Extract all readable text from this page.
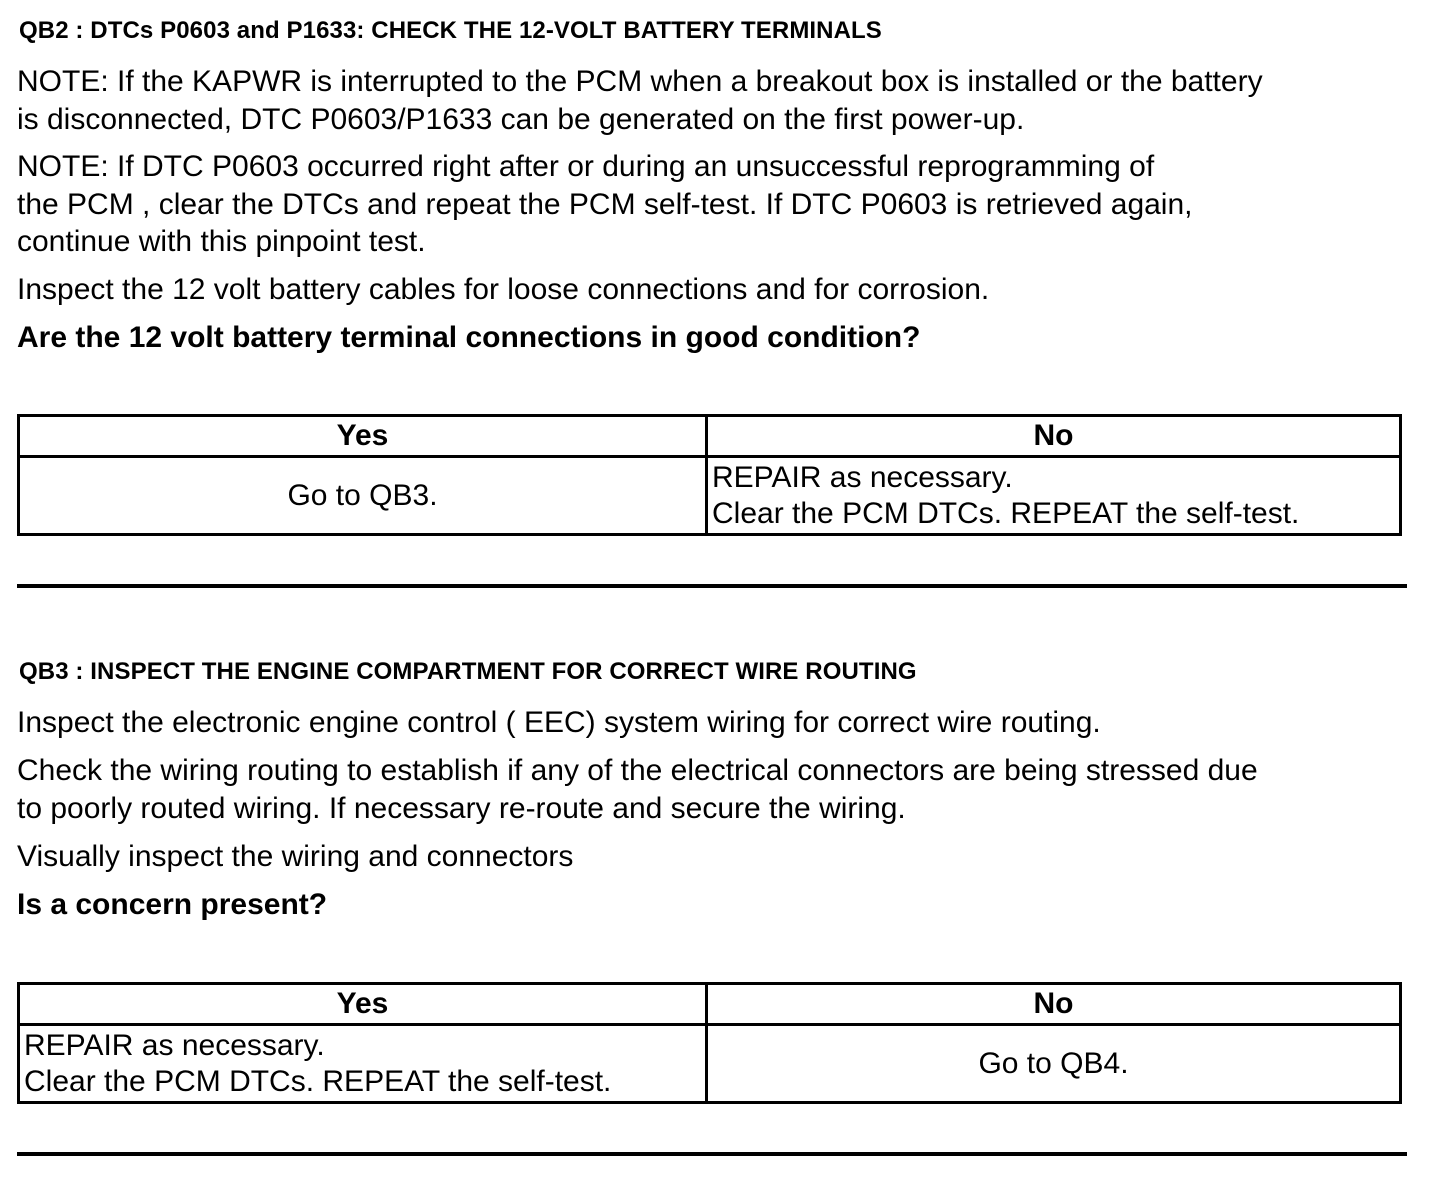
QB2 : DTCs P0603 and P1633: CHECK THE 12-VOLT BATTERY TERMINALS
NOTE: If the KAPWR is interrupted to the PCM when a breakout box is installed or the battery
is disconnected, DTC P0603/P1633 can be generated on the first power-up.
NOTE: If DTC P0603 occurred right after or during an unsuccessful reprogramming of
the PCM , clear the DTCs and repeat the PCM self-test. If DTC P0603 is retrieved again,
continue with this pinpoint test.
Inspect the 12 volt battery cables for loose connections and for corrosion.
Are the 12 volt battery terminal connections in good condition?
Yes	No

Go to QB3.	REPAIR as necessary.
Clear the PCM DTCs. REPEAT the self-test.
QB3 : INSPECT THE ENGINE COMPARTMENT FOR CORRECT WIRE ROUTING
Inspect the electronic engine control ( EEC) system wiring for correct wire routing.
Check the wiring routing to establish if any of the electrical connectors are being stressed due
to poorly routed wiring. If necessary re-route and secure the wiring.
Visually inspect the wiring and connectors
Is a concern present?
Yes	No

REPAIR as necessary.
Clear the PCM DTCs. REPEAT the self-test.	Go to QB4.
